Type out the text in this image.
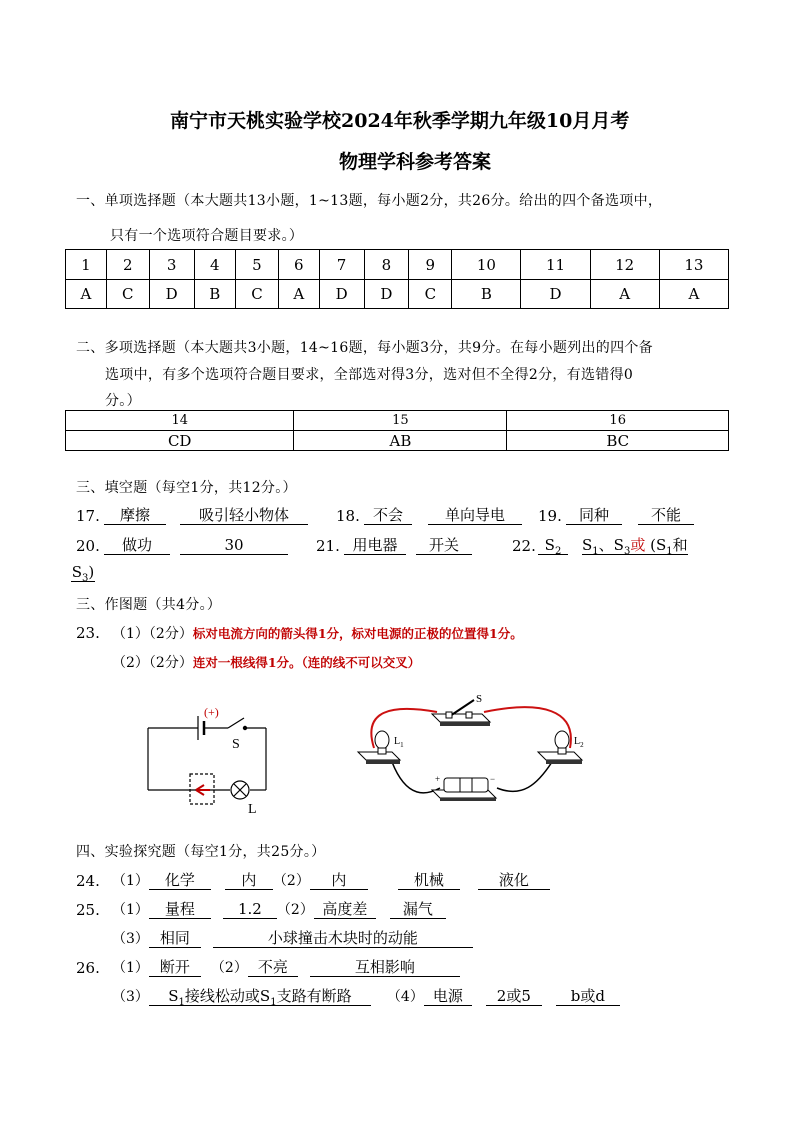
南宁市天桃实验学校2024年秋季学期九年级10月月考
物理学科参考答案
一、单项选择题（本大题共13小题，1~13题，每小题2分，共26分。给出的四个备选项中，
只有一个选项符合题目要求。）
1	2	3	4	5	6	7	8	9	10	11	12	13
A	C	D	B	C	A	D	D	C	B	D	A	A
二、多项选择题（本大题共3小题，14~16题，每小题3分，共9分。在每小题列出的四个备
选项中，有多个选项符合题目要求，全部选对得3分，选对但不全得2分，有选错得0
分。）
14	15	16
CD	AB	BC
三、填空题（每空1分，共12分。）
17.	摩擦	吸引轻小物体	18. 不会	单向导电	19.	同种	不能
20.	做功	30	21. 用电器	开关	22. $S_2$	$S_1$、$S_3$或 ($S_1$和
$S_3$)
三、作图题（共4分。）
23. （1）（2分）标对电流方向的箭头得1分，标对电源的正极的位置得1分。
（2）（2分）连对一根线得1分。（连的线不可以交叉）
(+)
S
L
S
$L_1$	$L_2$
+	−
四、实验探究题（每空1分，共25分。）
24. （1）	化学	内	（2）	内	机械	液化
25. （1）	量程	1.2	（2） 高度差	漏气
（3） 相同	小球撞击木块时的动能
26. （1） 断开	（2） 不亮	互相影响
（3）	$S_1$接线松动或$S_1$支路有断路	（4） 电源	2或5	b或d
